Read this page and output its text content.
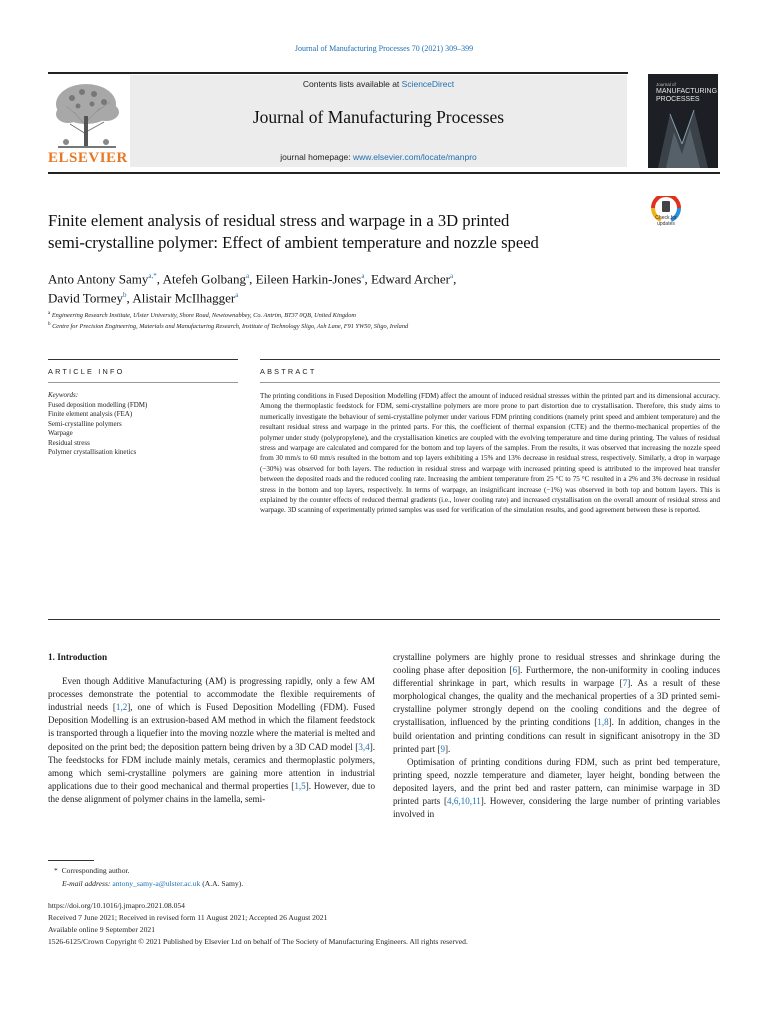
Journal of Manufacturing Processes 70 (2021) 309–399
ELSEVIER
Contents lists available at ScienceDirect
Journal of Manufacturing Processes
journal homepage: www.elsevier.com/locate/manpro
Journal of
MANUFACTURING
PROCESSES
Finite element analysis of residual stress and warpage in a 3D printed
semi-crystalline polymer: Effect of ambient temperature and nozzle speed
Check for
updates
Anto Antony Samy$^{a,*}$, Atefeh Golbang$^a$, Eileen Harkin-Jones$^a$, Edward Archer$^a$,
David Tormey$^b$, Alistair McIlhagger$^a$
$^a$ Engineering Research Institute, Ulster University, Shore Road, Newtownabbey, Co. Antrim, BT37 0QB, United Kingdom
$^b$ Centre for Precision Engineering, Materials and Manufacturing Research, Institute of Technology Sligo, Ash Lane, F91 YW50, Sligo, Ireland
ARTICLE INFO	ABSTRACT
Keywords:
Fused deposition modelling (FDM)
Finite element analysis (FEA)
Semi-crystalline polymers
Warpage
Residual stress
Polymer crystallisation kinetics
The printing conditions in Fused Deposition Modelling (FDM) affect the amount of induced residual stresses within the printed part and its dimensional accuracy. Among the thermoplastic feedstock for FDM, semi-crystalline polymers are more prone to part distortion due to crystallisation. Therefore, this study aims to numerically investigate the behaviour of semi-crystalline polymer under various FDM printing conditions (namely print speed and ambient temperature) and the resultant residual stress and warpage in the printed parts. For this, the coefficient of thermal expansion (CTE) and the thermo-mechanical properties of the polymer under study (polypropylene), and the crystallisation kinetics are coupled with the evolving temperature and time during printing. The values of residual stress and warpage are calculated and compared for the bottom and top layers of the samples. From the results, it was observed that increasing the nozzle speed from 30 mm/s to 60 mm/s resulted in the bottom and top layers exhibiting a 15% and 13% decrease in residual stress, respectively. Similarly, a drop in warpage (−30%) was observed for both layers. The reduction in residual stress and warpage with increased printing speed is attributed to the improved heat transfer between the deposited roads and the reduced cooling rate. Increasing the ambient temperature from 25 °C to 75 °C resulted in a 2% and 3% decrease in residual stress in the bottom and top layers, respectively. In terms of warpage, an insignificant increase (−1%) was observed in both top and bottom layers. This is explained by the counter effects of reduced thermal gradients (i.e., lower cooling rate) and increased crystallisation on the overall amount of residual stress and warpage. 3D scanning of experimentally printed samples was used for verification of the simulation results, and good agreement between these is reported.

1. Introduction

Even though Additive Manufacturing (AM) is progressing rapidly, only a few AM processes demonstrate the potential to accommodate the flexible requirements of industrial needs [1,2], one of which is Fused Deposition Modelling (FDM). Fused Deposition Modelling is an extrusion-based AM method in which the filament feedstock is transported through a liquefier into the moving nozzle where the material is melted and deposited on the print bed; the deposition pattern being driven by a 3D CAD model [3,4]. The feedstocks for FDM include mainly metals, ceramics and thermoplastic polymers, among which semi-crystalline polymers are gaining more attention in industrial applications due to their good mechanical and thermal properties [1,5]. However, due to the dense alignment of polymer chains in the lamella, semi-

crystalline polymers are highly prone to residual stresses and shrinkage during the cooling phase after deposition [6]. Furthermore, the non-uniformity in cooling induces differential shrinkage in part, which results in warpage [7]. As a result of these morphological changes, the quality and the mechanical properties of a 3D printed semi-crystalline polymer strongly depend on the cooling conditions and the degree of crystallisation, influenced by the printing conditions [1,8]. In addition, changes in the build orientation and printing conditions can result in significant anisotropy in the 3D printed part [9].

Optimisation of printing conditions during FDM, such as print bed temperature, printing speed, nozzle temperature and diameter, layer height, bonding between the deposited layers, and the print bed and raster pattern, can minimise warpage in 3D printed parts [4,6,10,11]. However, considering the large number of printing variables involved in

* Corresponding author.
E-mail address: antony_samy-a@ulster.ac.uk (A.A. Samy).
https://doi.org/10.1016/j.jmapro.2021.08.054
Received 7 June 2021; Received in revised form 11 August 2021; Accepted 26 August 2021
Available online 9 September 2021
1526-6125/Crown Copyright © 2021 Published by Elsevier Ltd on behalf of The Society of Manufacturing Engineers. All rights reserved.
